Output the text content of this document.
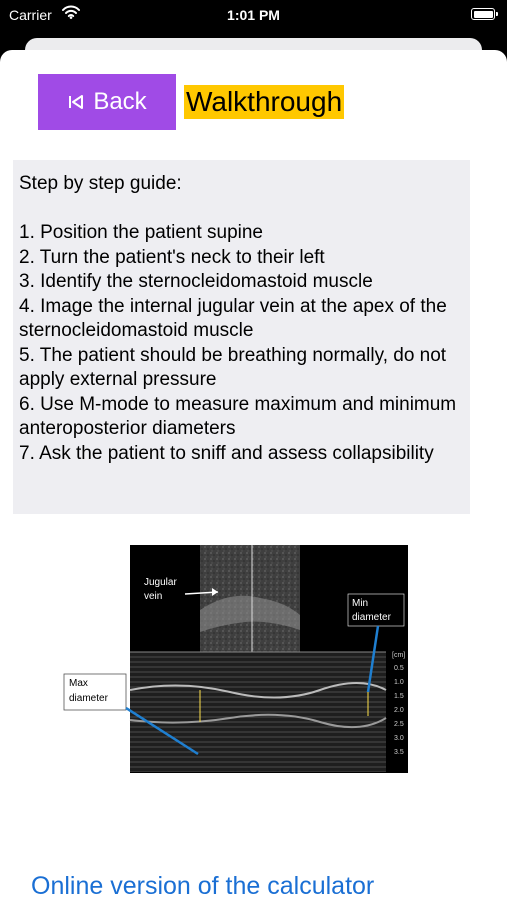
Carrier	1:01 PM
Back Walkthrough
Step by step guide:
1. Position the patient supine
2. Turn the patient's neck to their left
3. Identify the sternocleidomastoid muscle
4. Image the internal jugular vein at the apex of the sternocleidomastoid muscle
5. The patient should be breathing normally, do not apply external pressure
6. Use M-mode to measure maximum and minimum anteroposterior diameters
7. Ask the patient to sniff and assess collapsibility
[cm]
0.5
1.0
1.5
2.0
2.5
3.0
3.5
Jugular
vein
Min
diameter
Max
diameter
Online version of the calculator
